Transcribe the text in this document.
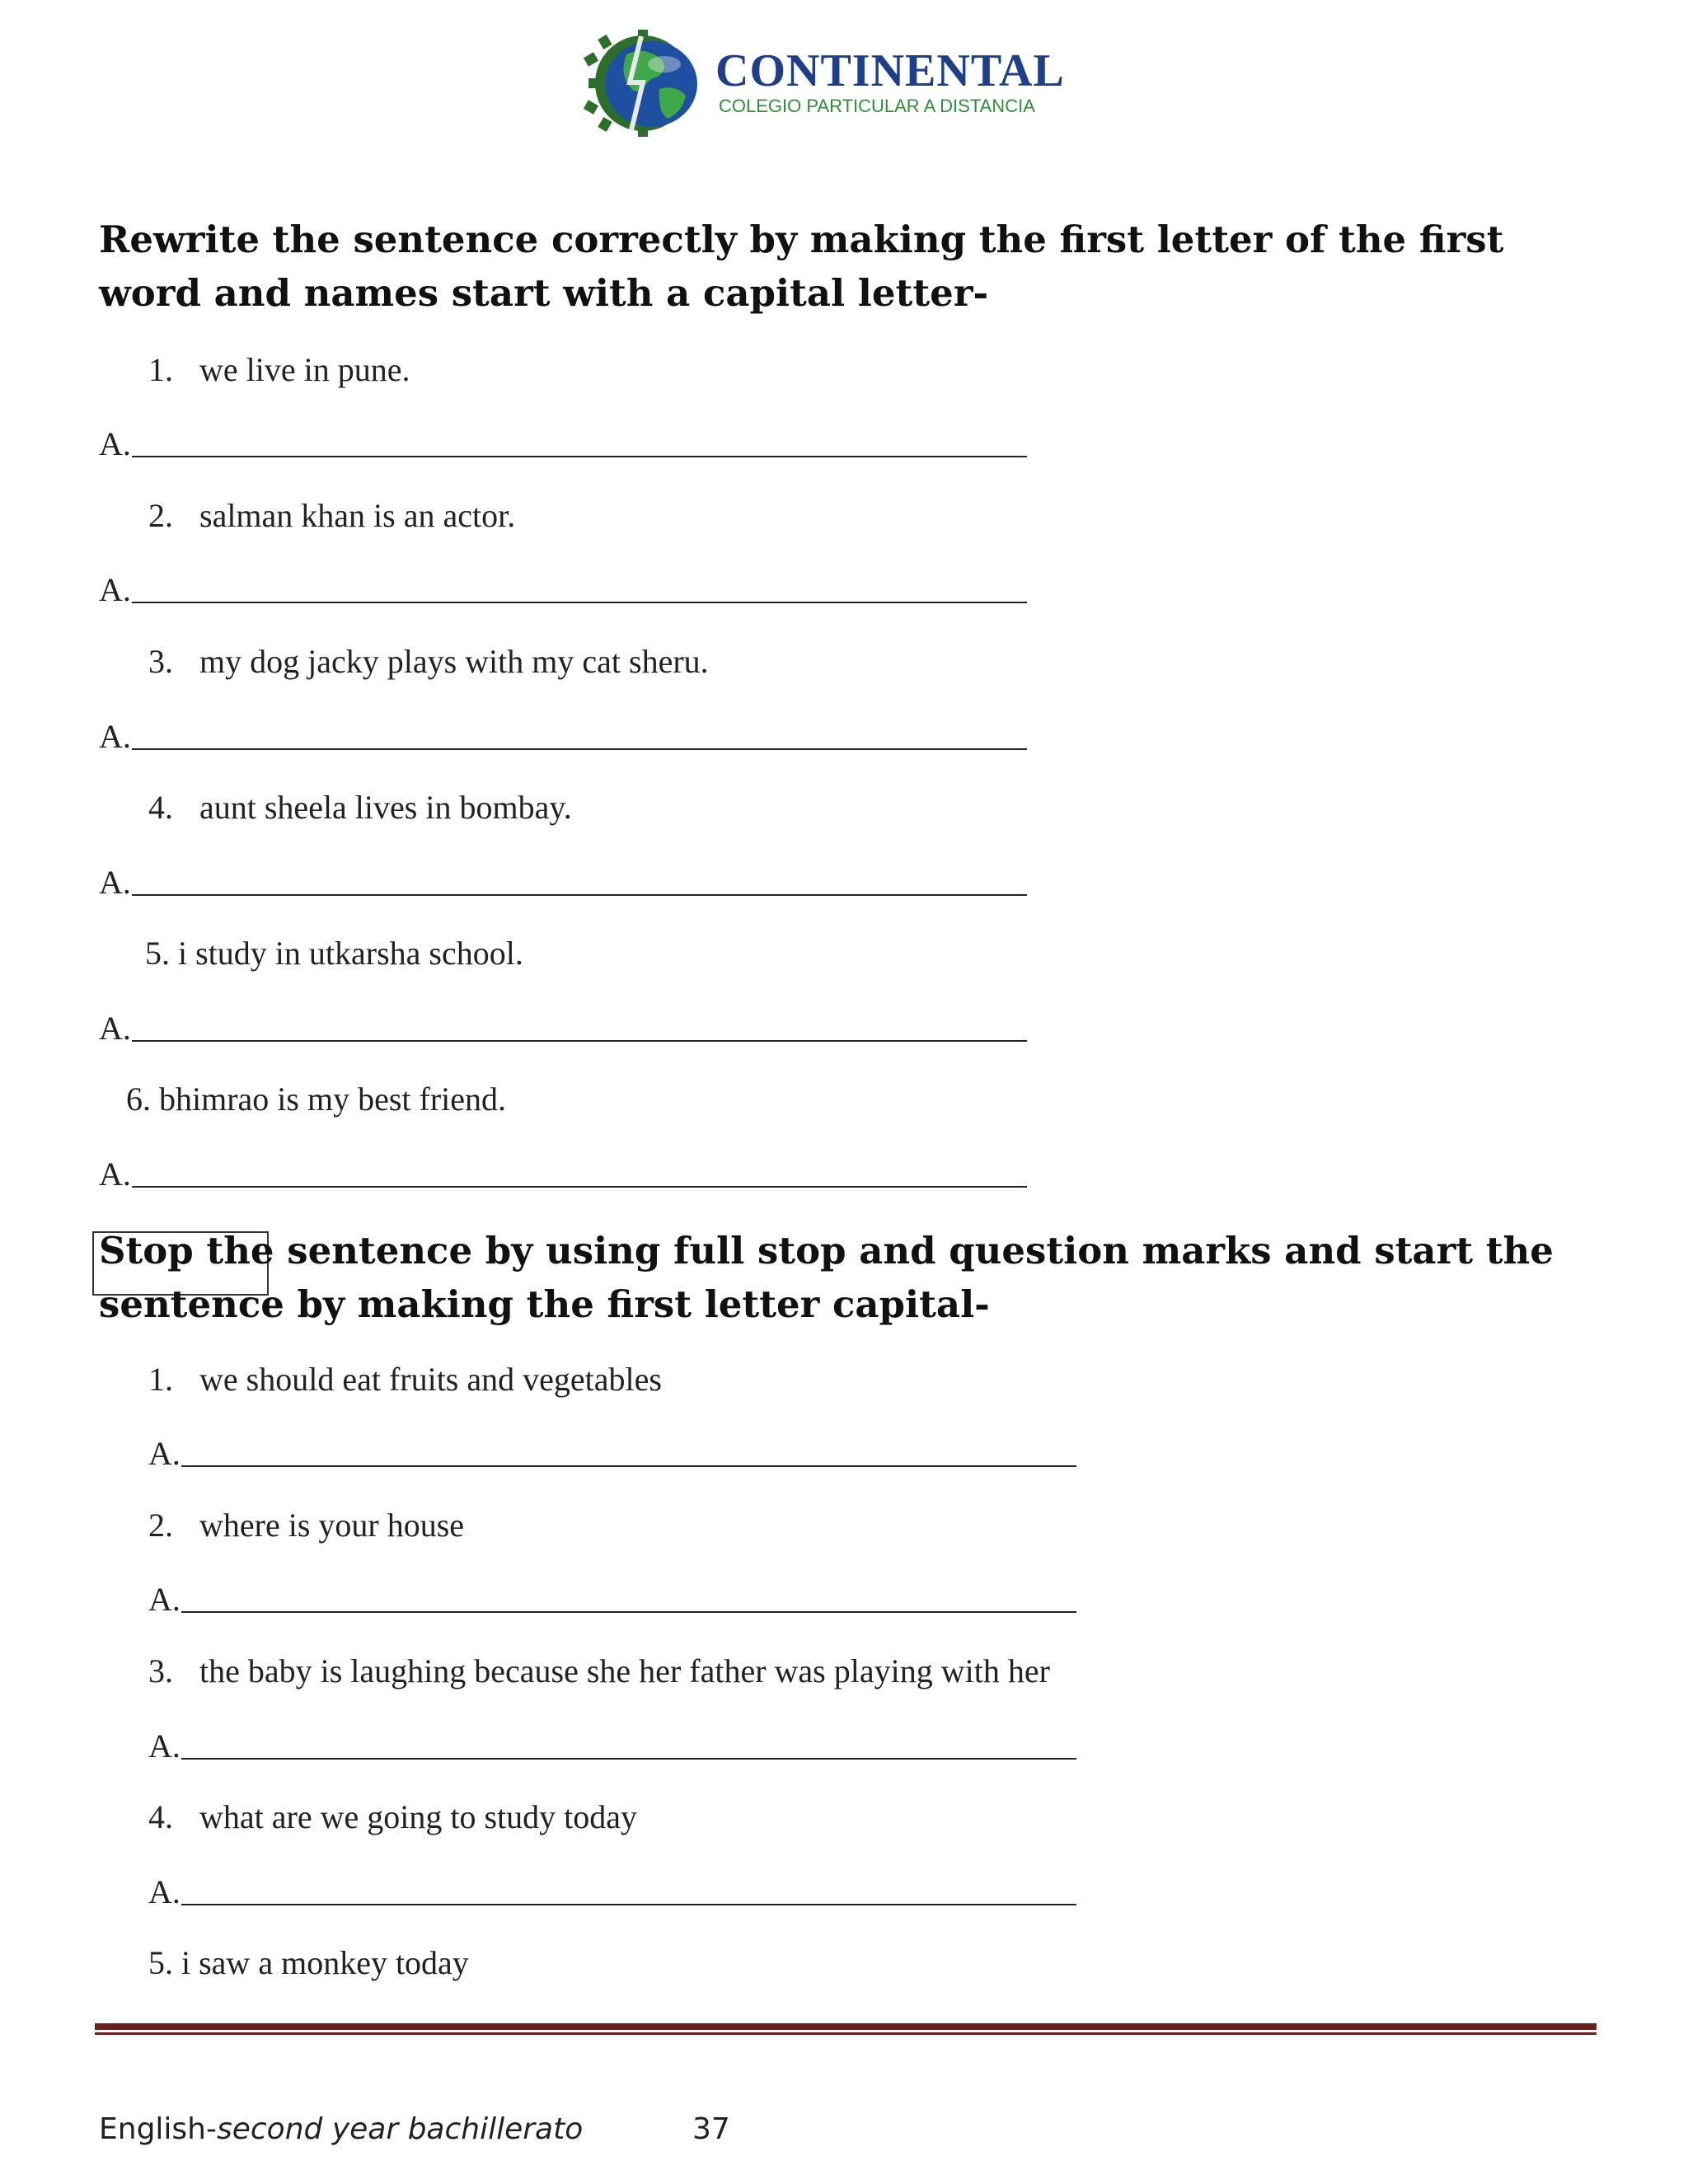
CONTINENTAL
COLEGIO PARTICULAR A DISTANCIA
Rewrite the sentence correctly by making the first letter of the first word and names start with a capital letter-
1. we live in pune.
A.
2. salman khan is an actor.
A.
3. my dog jacky plays with my cat sheru.
A.
4. aunt sheela lives in bombay.
A.
5. i study in utkarsha school.
A.
6. bhimrao is my best friend.
A.
Stop the sentence by using full stop and question marks and start the sentence by making the first letter capital-
1. we should eat fruits and vegetables
A.
2. where is your house
A.
3. the baby is laughing because she her father was playing with her
A.
4. what are we going to study today
A.
5. i saw a monkey today
English-second year bachillerato	37
